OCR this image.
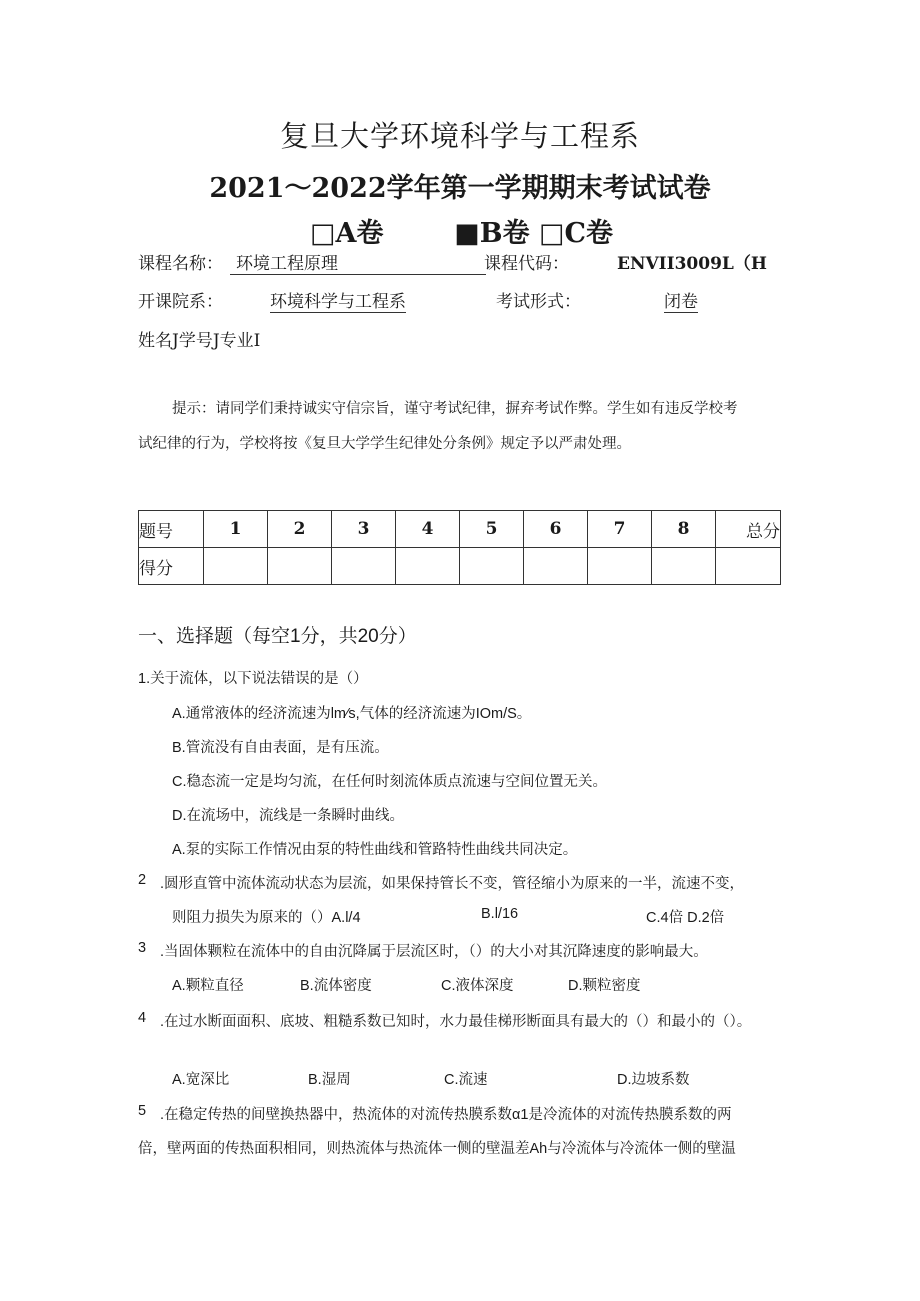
复旦大学环境科学与工程系
2021～2022学年第一学期期末考试试卷
□A卷	■B卷 □C卷
课程名称： 环境工程原理	课程代码：	ENVII3009L（H
开课院系：	环境科学与工程系	考试形式：	闭卷
姓名J学号J专业I
提示：请同学们秉持诚实守信宗旨，谨守考试纪律，摒弃考试作弊。学生如有违反学校考
试纪律的行为，学校将按《复旦大学学生纪律处分条例》规定予以严肃处理。
题号	1	2	3	4	5	6	7	8	总分
得分									
一、选择题（每空1分，共20分）
1.关于流体，以下说法错误的是（）
A.通常液体的经济流速为lm∕s,气体的经济流速为IOm/S。
B.管流没有自由表面，是有压流。
C.稳态流一定是均匀流，在任何时刻流体质点流速与空间位置无关。
D.在流场中，流线是一条瞬时曲线。
A.泵的实际工作情况由泵的特性曲线和管路特性曲线共同决定。
2 .圆形直管中流体流动状态为层流，如果保持管长不变，管径缩小为原来的一半，流速不变，
则阻力损失为原来的（）A.l/4	B.l/16	C.4倍 D.2倍
3 .当固体颗粒在流体中的自由沉降属于层流区时，（）的大小对其沉降速度的影响最大。
A.颗粒直径	B.流体密度	C.液体深度	D.颗粒密度
4 .在过水断面面积、底坡、粗糙系数已知时，水力最佳梯形断面具有最大的（）和最小的（）。
A.宽深比	B.湿周	C.流速	D.边坡系数
5 .在稳定传热的间壁换热器中，热流体的对流传热膜系数α1是冷流体的对流传热膜系数的两
倍，壁两面的传热面积相同，则热流体与热流体一侧的壁温差Ah与冷流体与冷流体一侧的壁温
